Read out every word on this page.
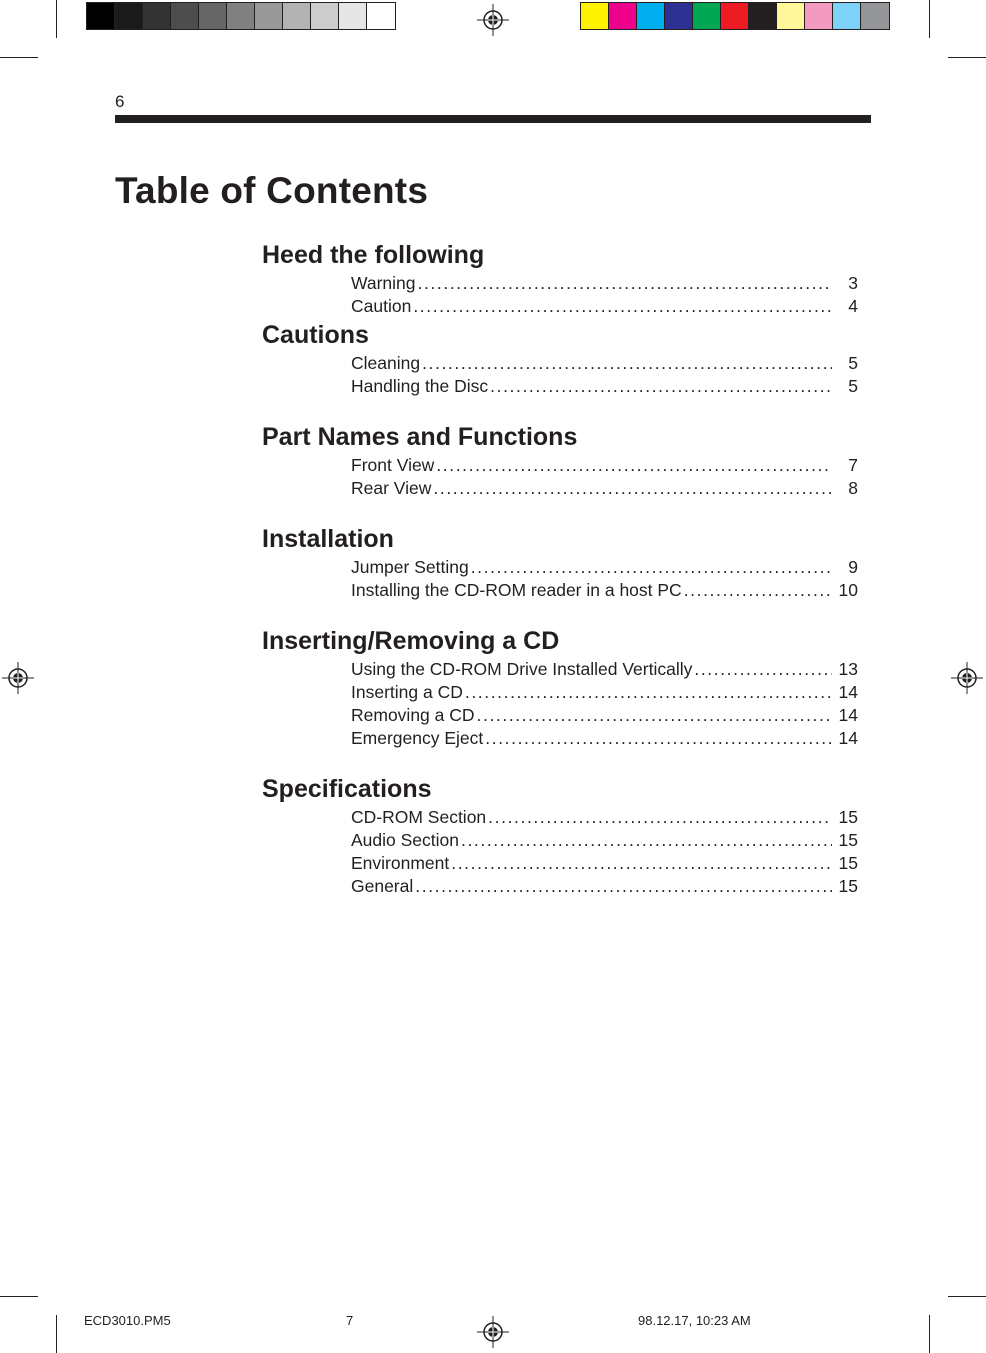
6
Table of Contents
Heed the following
Warning .....	3
Caution .....	4
Cautions
Cleaning .....	5
Handling the Disc .....	5
Part Names and Functions
Front View .....	7
Rear View .....	8
Installation
Jumper Setting .....	9
Installing the CD-ROM reader in a host PC .....	10
Inserting/Removing a CD
Using the CD-ROM Drive Installed Vertically .....	13
Inserting a CD .....	14
Removing a CD .....	14
Emergency Eject .....	14
Specifications
CD-ROM Section .....	15
Audio Section .....	15
Environment .....	15
General .....	15
ECD3010.PM5	7	98.12.17, 10:23 AM
